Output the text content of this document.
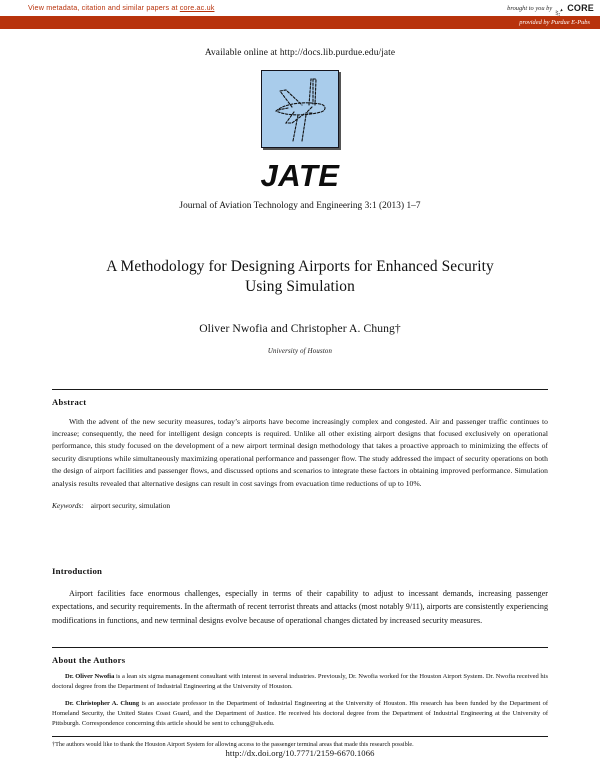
View metadata, citation and similar papers at core.ac.uk	brought to you by CORE
provided by Purdue E-Pubs
Available online at http://docs.lib.purdue.edu/jate
JATE
Journal of Aviation Technology and Engineering 3:1 (2013) 1–7
A Methodology for Designing Airports for Enhanced Security
Using Simulation
Oliver Nwofia and Christopher A. Chung†
University of Houston
Abstract

With the advent of the new security measures, today’s airports have become increasingly complex and congested. Air and passenger traffic continues to increase; consequently, the need for intelligent design concepts is required. Unlike all other existing airport designs that focused exclusively on operational performance, this study focused on the development of a new airport terminal design methodology that takes a proactive approach to minimizing the effects of security disruptions while simultaneously maximizing operational performance and passenger flow. The study addressed the impact of security operations on both the design of airport facilities and passenger flows, and discussed options and scenarios to integrate these factors in obtaining improved performance. Simulation analysis results revealed that alternative designs can result in cost savings from evacuation time reductions of up to 10%.

Keywords: airport security, simulation
Introduction

Airport facilities face enormous challenges, especially in terms of their capability to adjust to incessant demands, increasing passenger expectations, and security requirements. In the aftermath of recent terrorist threats and attacks (most notably 9/11), airports are consistently experiencing modifications in functions, and new terminal designs evolve because of operational changes dictated by increased security measures.

About the Authors

Dr. Oliver Nwofia is a lean six sigma management consultant with interest in several industries. Previously, Dr. Nwofia worked for the Houston Airport System. Dr. Nwofia received his doctoral degree from the Department of Industrial Engineering at the University of Houston.

Dr. Christopher A. Chung is an associate professor in the Department of Industrial Engineering at the University of Houston. His research has been funded by the Department of Homeland Security, the United States Coast Guard, and the Department of Justice. He received his doctoral degree from the Department of Industrial Engineering at the University of Pittsburgh. Correspondence concerning this article should be sent to cchung@uh.edu.

†The authors would like to thank the Houston Airport System for allowing access to the passenger terminal areas that made this research possible.
http://dx.doi.org/10.7771/2159-6670.1066
